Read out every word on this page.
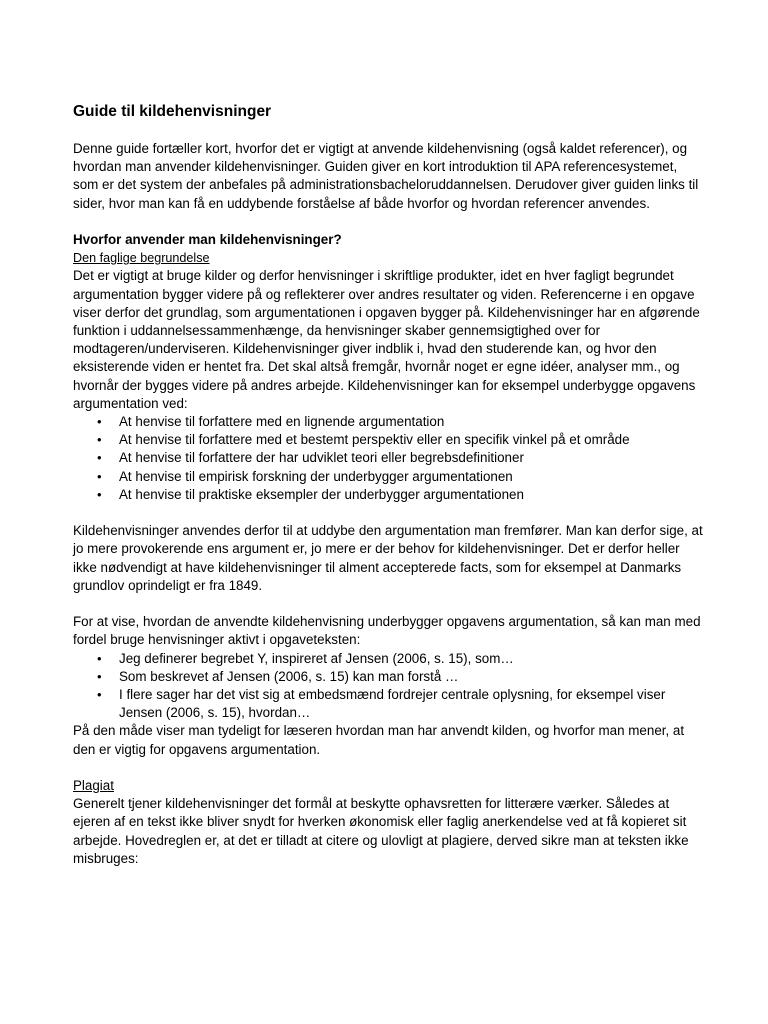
Guide til kildehenvisninger

Denne guide fortæller kort, hvorfor det er vigtigt at anvende kildehenvisning (også kaldet referencer), og hvordan man anvender kildehenvisninger. Guiden giver en kort introduktion til APA referencesystemet, som er det system der anbefales på administrationsbacheloruddannelsen. Derudover giver guiden links til sider, hvor man kan få en uddybende forståelse af både hvorfor og hvordan referencer anvendes.

Hvorfor anvender man kildehenvisninger?

Den faglige begrundelse

Det er vigtigt at bruge kilder og derfor henvisninger i skriftlige produkter, idet en hver fagligt begrundet argumentation bygger videre på og reflekterer over andres resultater og viden. Referencerne i en opgave viser derfor det grundlag, som argumentationen i opgaven bygger på. Kildehenvisninger har en afgørende funktion i uddannelsessammenhænge, da henvisninger skaber gennemsigtighed over for modtageren/underviseren. Kildehenvisninger giver indblik i, hvad den studerende kan, og hvor den eksisterende viden er hentet fra. Det skal altså fremgår, hvornår noget er egne idéer, analyser mm., og hvornår der bygges videre på andres arbejde. Kildehenvisninger kan for eksempel underbygge opgavens argumentation ved:

• At henvise til forfattere med en lignende argumentation
• At henvise til forfattere med et bestemt perspektiv eller en specifik vinkel på et område
• At henvise til forfattere der har udviklet teori eller begrebsdefinitioner
• At henvise til empirisk forskning der underbygger argumentationen
• At henvise til praktiske eksempler der underbygger argumentationen

Kildehenvisninger anvendes derfor til at uddybe den argumentation man fremfører. Man kan derfor sige, at jo mere provokerende ens argument er, jo mere er der behov for kildehenvisninger. Det er derfor heller ikke nødvendigt at have kildehenvisninger til alment accepterede facts, som for eksempel at Danmarks grundlov oprindeligt er fra 1849.

For at vise, hvordan de anvendte kildehenvisning underbygger opgavens argumentation, så kan man med fordel bruge henvisninger aktivt i opgaveteksten:

• Jeg definerer begrebet Y, inspireret af Jensen (2006, s. 15), som…
• Som beskrevet af Jensen (2006, s. 15) kan man forstå …
• I flere sager har det vist sig at embedsmænd fordrejer centrale oplysning, for eksempel viser Jensen (2006, s. 15), hvordan…

På den måde viser man tydeligt for læseren hvordan man har anvendt kilden, og hvorfor man mener, at den er vigtig for opgavens argumentation.

Plagiat

Generelt tjener kildehenvisninger det formål at beskytte ophavsretten for litterære værker. Således at ejeren af en tekst ikke bliver snydt for hverken økonomisk eller faglig anerkendelse ved at få kopieret sit arbejde. Hovedreglen er, at det er tilladt at citere og ulovligt at plagiere, derved sikre man at teksten ikke misbruges:
